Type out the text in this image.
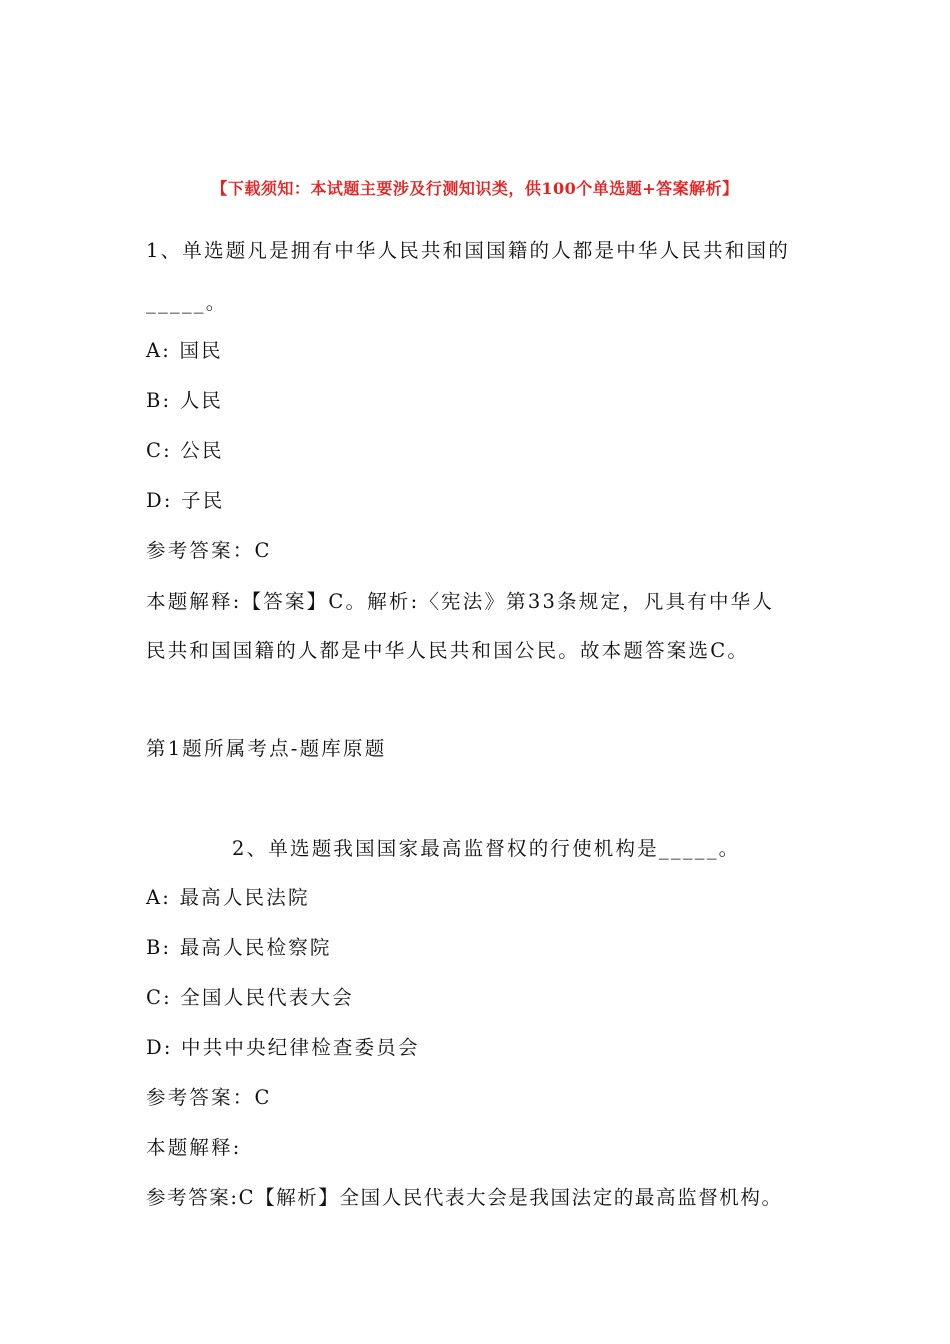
【下载须知：本试题主要涉及行测知识类，供100个单选题+答案解析】
1、单选题凡是拥有中华人民共和国国籍的人都是中华人民共和国的
_____。
A: 国民
B: 人民
C: 公民
D: 子民
参考答案：C
本题解释:【答案】C。解析:〈宪法》第33条规定，凡具有中华人
民共和国国籍的人都是中华人民共和国公民。故本题答案选C。
第1题所属考点-题库原题
2、单选题我国国家最高监督权的行使机构是_____。
A: 最高人民法院
B: 最高人民检察院
C: 全国人民代表大会
D: 中共中央纪律检查委员会
参考答案：C
本题解释:
参考答案:C【解析】全国人民代表大会是我国法定的最高监督机构。
